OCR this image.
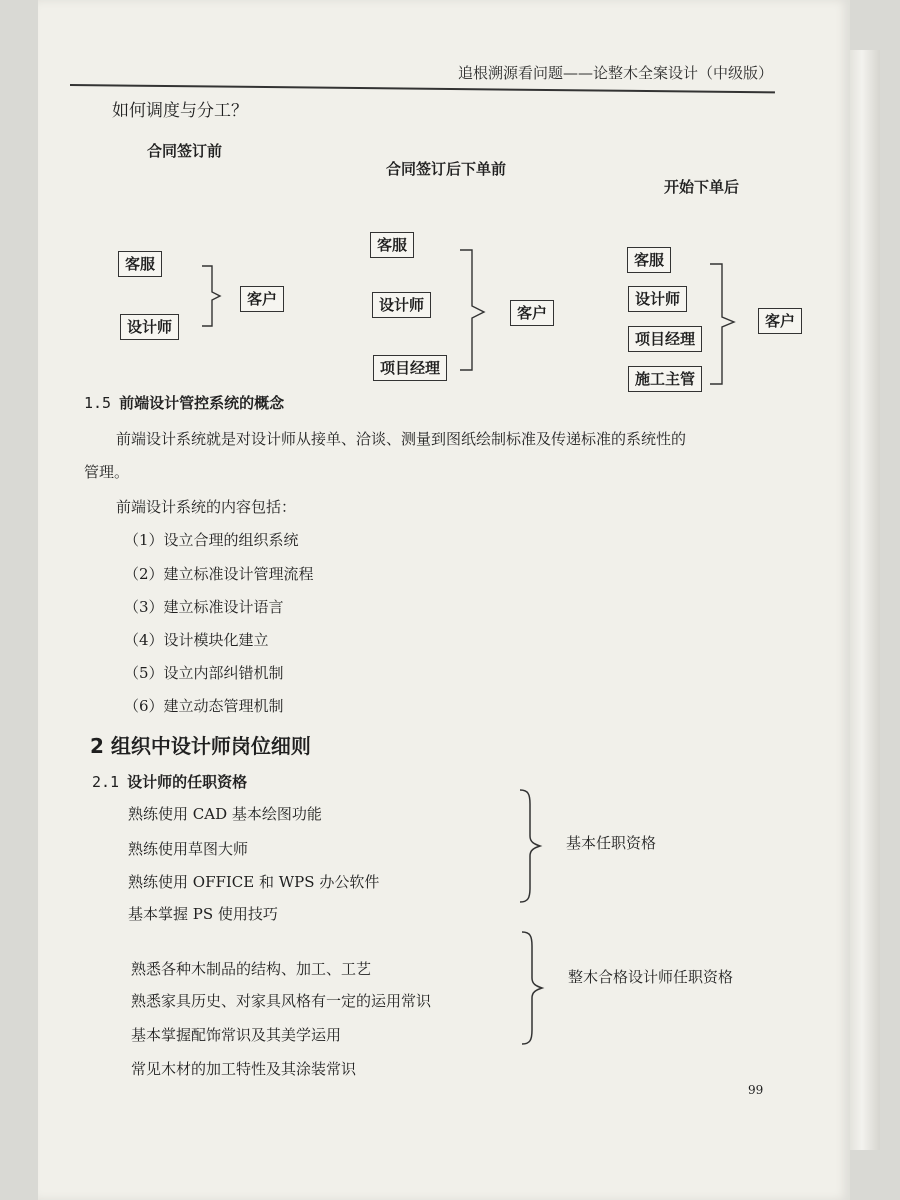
追根溯源看问题——论整木全案设计（中级版）
如何调度与分工？
合同签订前
客服
设计师
客户
合同签订后下单前
客服
设计师
项目经理
客户
开始下单后
客服
设计师
项目经理
施工主管
客户
1.5 前端设计管控系统的概念
前端设计系统就是对设计师从接单、洽谈、测量到图纸绘制标准及传递标准的系统性的
管理。
前端设计系统的内容包括：
（1）设立合理的组织系统
（2）建立标准设计管理流程
（3）建立标准设计语言
（4）设计模块化建立
（5）设立内部纠错机制
（6）建立动态管理机制
2 组织中设计师岗位细则
2.1 设计师的任职资格
熟练使用 CAD 基本绘图功能
熟练使用草图大师
熟练使用 OFFICE 和 WPS 办公软件
基本掌握 PS 使用技巧
基本任职资格
熟悉各种木制品的结构、加工、工艺
熟悉家具历史、对家具风格有一定的运用常识
基本掌握配饰常识及其美学运用
常见木材的加工特性及其涂装常识
整木合格设计师任职资格
99
